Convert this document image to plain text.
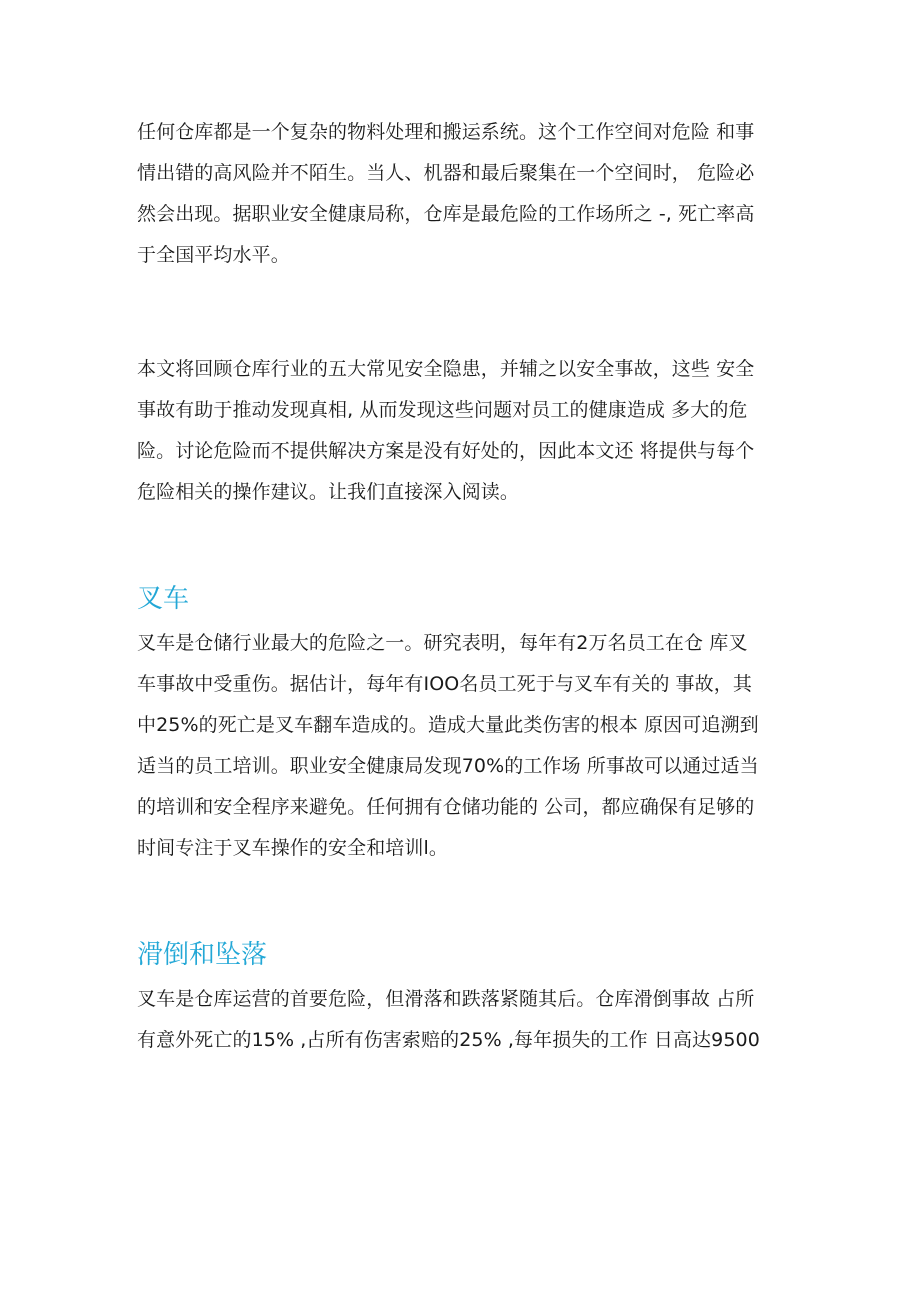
任何仓库都是一个复杂的物料处理和搬运系统。这个工作空间对危险 和事
情出错的高风险并不陌生。当人、机器和最后聚集在一个空间时， 危险必
然会出现。据职业安全健康局称，仓库是最危险的工作场所之 -, 死亡率高
于全国平均水平。
本文将回顾仓库行业的五大常见安全隐患，并辅之以安全事故，这些 安全
事故有助于推动发现真相, 从而发现这些问题对员工的健康造成 多大的危
险。讨论危险而不提供解决方案是没有好处的，因此本文还 将提供与每个
危险相关的操作建议。让我们直接深入阅读。
叉车
叉车是仓储行业最大的危险之一。研究表明，每年有2万名员工在仓 库叉
车事故中受重伤。据估计，每年有IOO名员工死于与叉车有关的 事故，其
中25%的死亡是叉车翻车造成的。造成大量此类伤害的根本 原因可追溯到
适当的员工培训。职业安全健康局发现70%的工作场 所事故可以通过适当
的培训和安全程序来避免。任何拥有仓储功能的 公司，都应确保有足够的
时间专注于叉车操作的安全和培训l。
滑倒和坠落
叉车是仓库运营的首要危险，但滑落和跌落紧随其后。仓库滑倒事故 占所
有意外死亡的15% ,占所有伤害索赔的25% ,每年损失的工作 日高达9500
